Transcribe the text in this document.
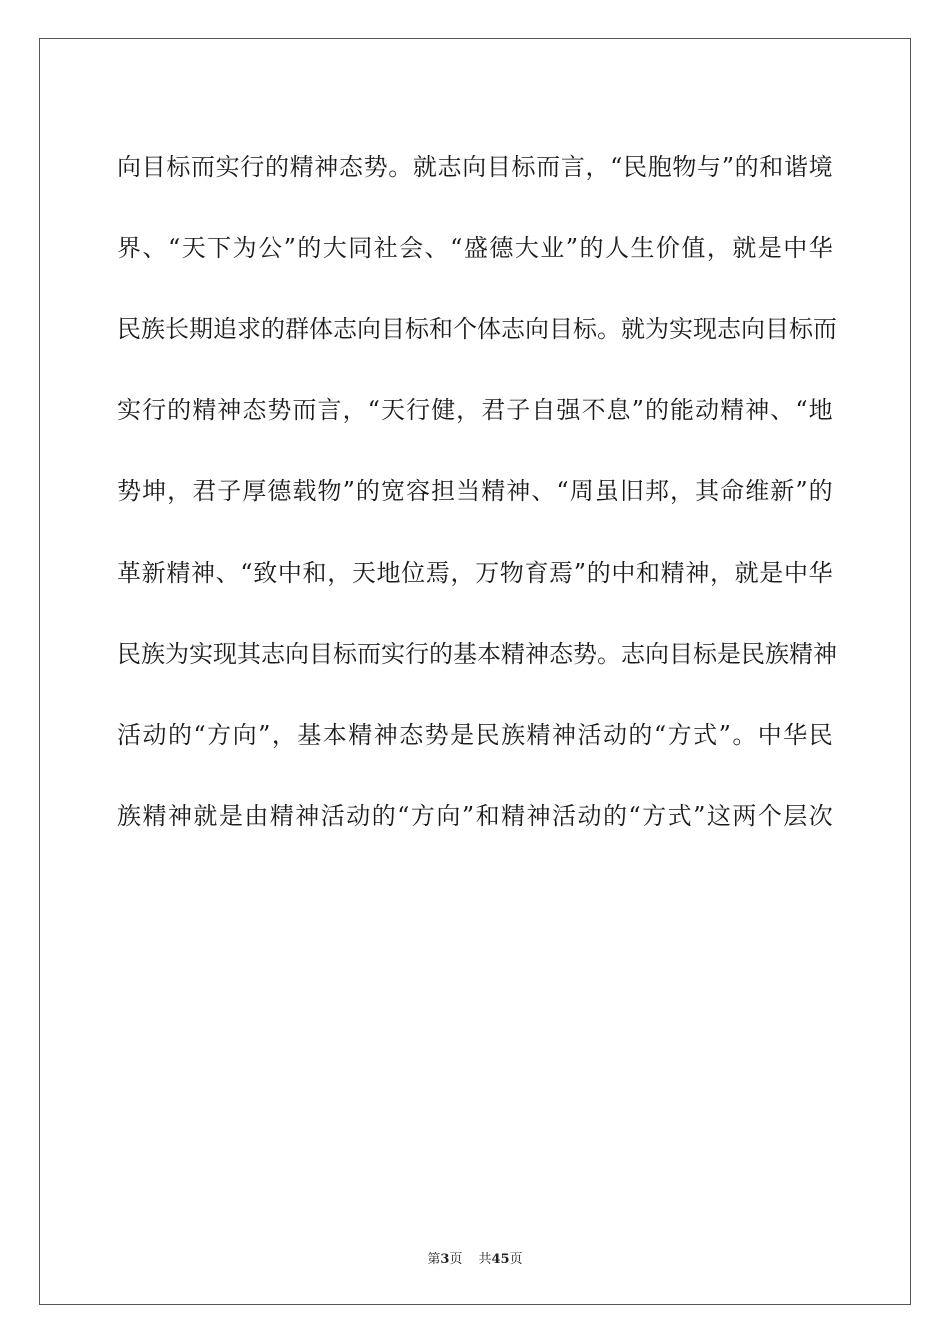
向 目 标 而 实 行 的 精 神 态 势 。 就 志 向 目 标 而 言 ， “ 民 胞 物 与 ” 的 和 谐 境
界 、 “ 天 下 为 公 ” 的 大 同 社 会 、 “ 盛 德 大 业 ” 的 人 生 价 值 ， 就 是 中 华
民 族 长 期 追 求 的 群 体 志 向 目 标 和 个 体 志 向 目 标 。 就 为 实 现 志 向 目 标 而
实 行 的 精 神 态 势 而 言 ， “ 天 行 健 ， 君 子 自 强 不 息 ” 的 能 动 精 神 、 “ 地
势 坤 ， 君 子 厚 德 载 物 ” 的 宽 容 担 当 精 神 、 “ 周 虽 旧 邦 ， 其 命 维 新 ” 的
革 新 精 神 、 “ 致 中 和 ， 天 地 位 焉 ， 万 物 育 焉 ” 的 中 和 精 神 ， 就 是 中 华
民 族 为 实 现 其 志 向 目 标 而 实 行 的 基 本 精 神 态 势 。 志 向 目 标 是 民 族 精 神
活 动 的 “ 方 向 ” ， 基 本 精 神 态 势 是 民 族 精 神 活 动 的 “ 方 式 ” 。 中 华 民
族 精 神 就 是 由 精 神 活 动 的 “ 方 向 ” 和 精 神 活 动 的 “ 方 式 ” 这 两 个 层 次
第3页 共45页
